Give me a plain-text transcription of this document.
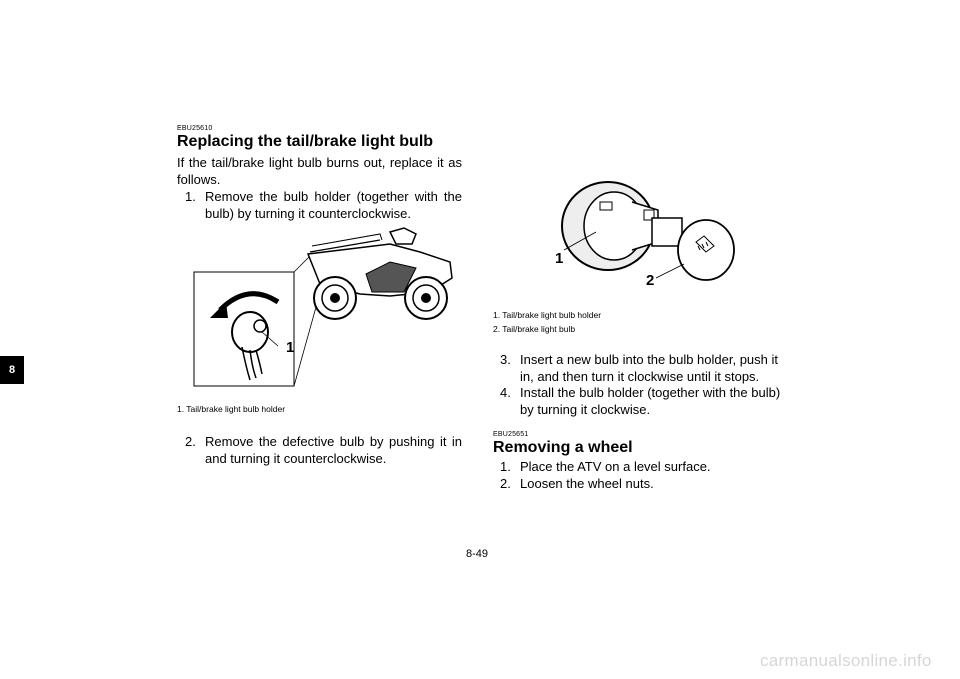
8
EBU25610
Replacing the tail/brake light bulb
If the tail/brake light bulb burns out, replace it as follows.
1. Remove the bulb holder (together with the bulb) by turning it counterclockwise.
1
1. Tail/brake light bulb holder
2. Remove the defective bulb by pushing it in and turning it counterclockwise.
1
2
1. Tail/brake light bulb holder
2. Tail/brake light bulb
3. Insert a new bulb into the bulb holder, push it in, and then turn it clockwise until it stops.
4. Install the bulb holder (together with the bulb) by turning it clockwise.
EBU25651
Removing a wheel
1. Place the ATV on a level surface.
2. Loosen the wheel nuts.
8-49
carmanualsonline.info
